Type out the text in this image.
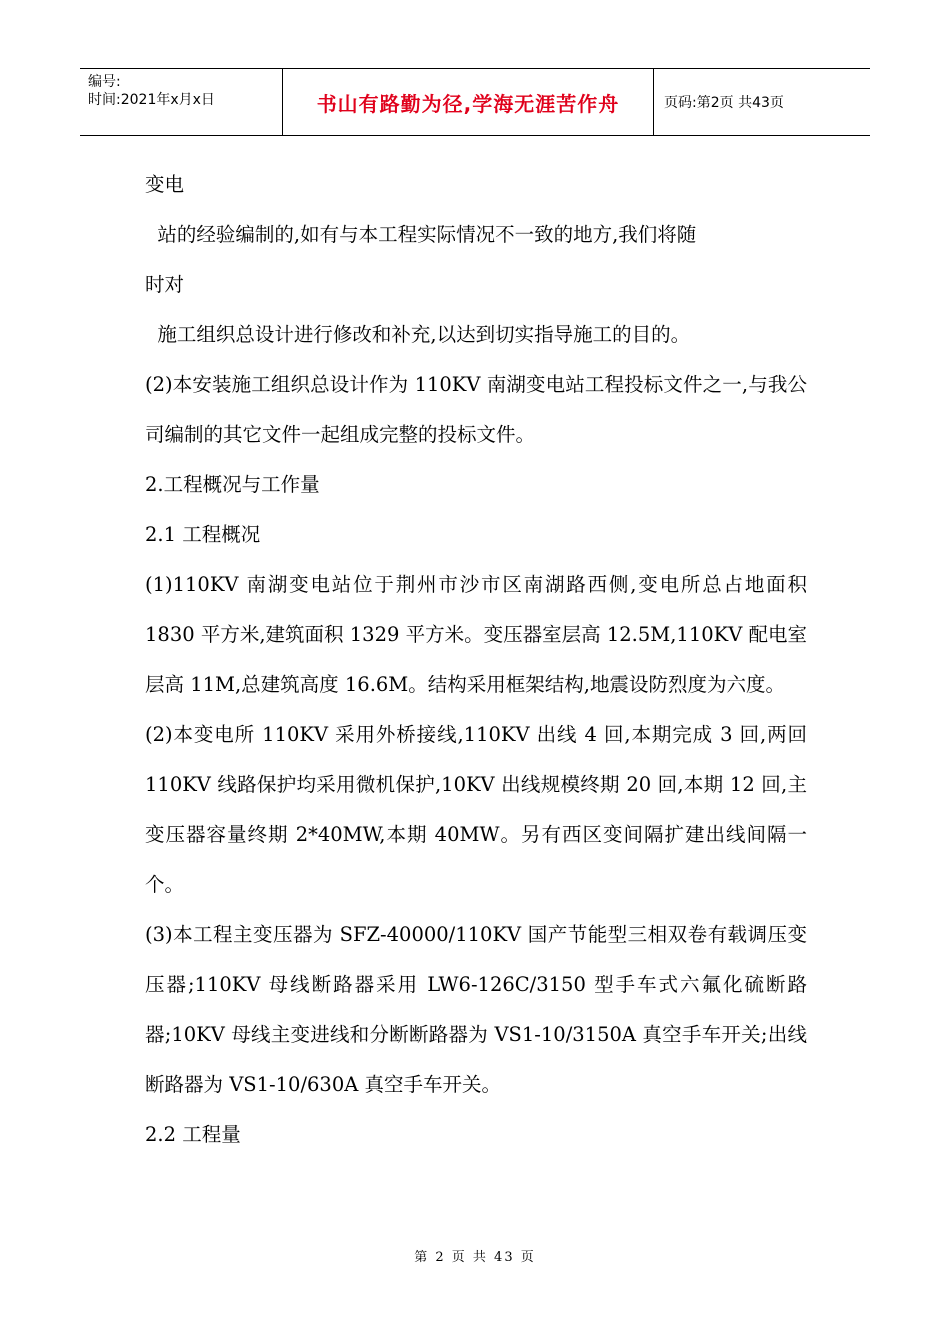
编号:
时间:2021年x月x日	书山有路勤为径,学海无涯苦作舟	页码:第2页 共43页

变电

站的经验编制的,如有与本工程实际情况不一致的地方,我们将随

时对

施工组织总设计进行修改和补充,以达到切实指导施工的目的。

(2)本安装施工组织总设计作为 110KV 南湖变电站工程投标文件之一,与我公司编制的其它文件一起组成完整的投标文件。

2.工程概况与工作量

2.1 工程概况

(1)110KV 南湖变电站位于荆州市沙市区南湖路西侧,变电所总占地面积 1830 平方米,建筑面积 1329 平方米。变压器室层高 12.5M,110KV 配电室层高 11M,总建筑高度 16.6M。结构采用框架结构,地震设防烈度为六度。

(2)本变电所 110KV 采用外桥接线,110KV 出线 4 回,本期完成 3 回,两回 110KV 线路保护均采用微机保护,10KV 出线规模终期 20 回,本期 12 回,主变压器容量终期 2*40MW,本期 40MW。另有西区变间隔扩建出线间隔一个。

(3)本工程主变压器为 SFZ-40000/110KV 国产节能型三相双卷有载调压变压器;110KV 母线断路器采用 LW6-126C/3150 型手车式六氟化硫断路器;10KV 母线主变进线和分断断路器为 VS1-10/3150A 真空手车开关;出线断路器为 VS1-10/630A 真空手车开关。

2.2 工程量

第 2 页 共 43 页
